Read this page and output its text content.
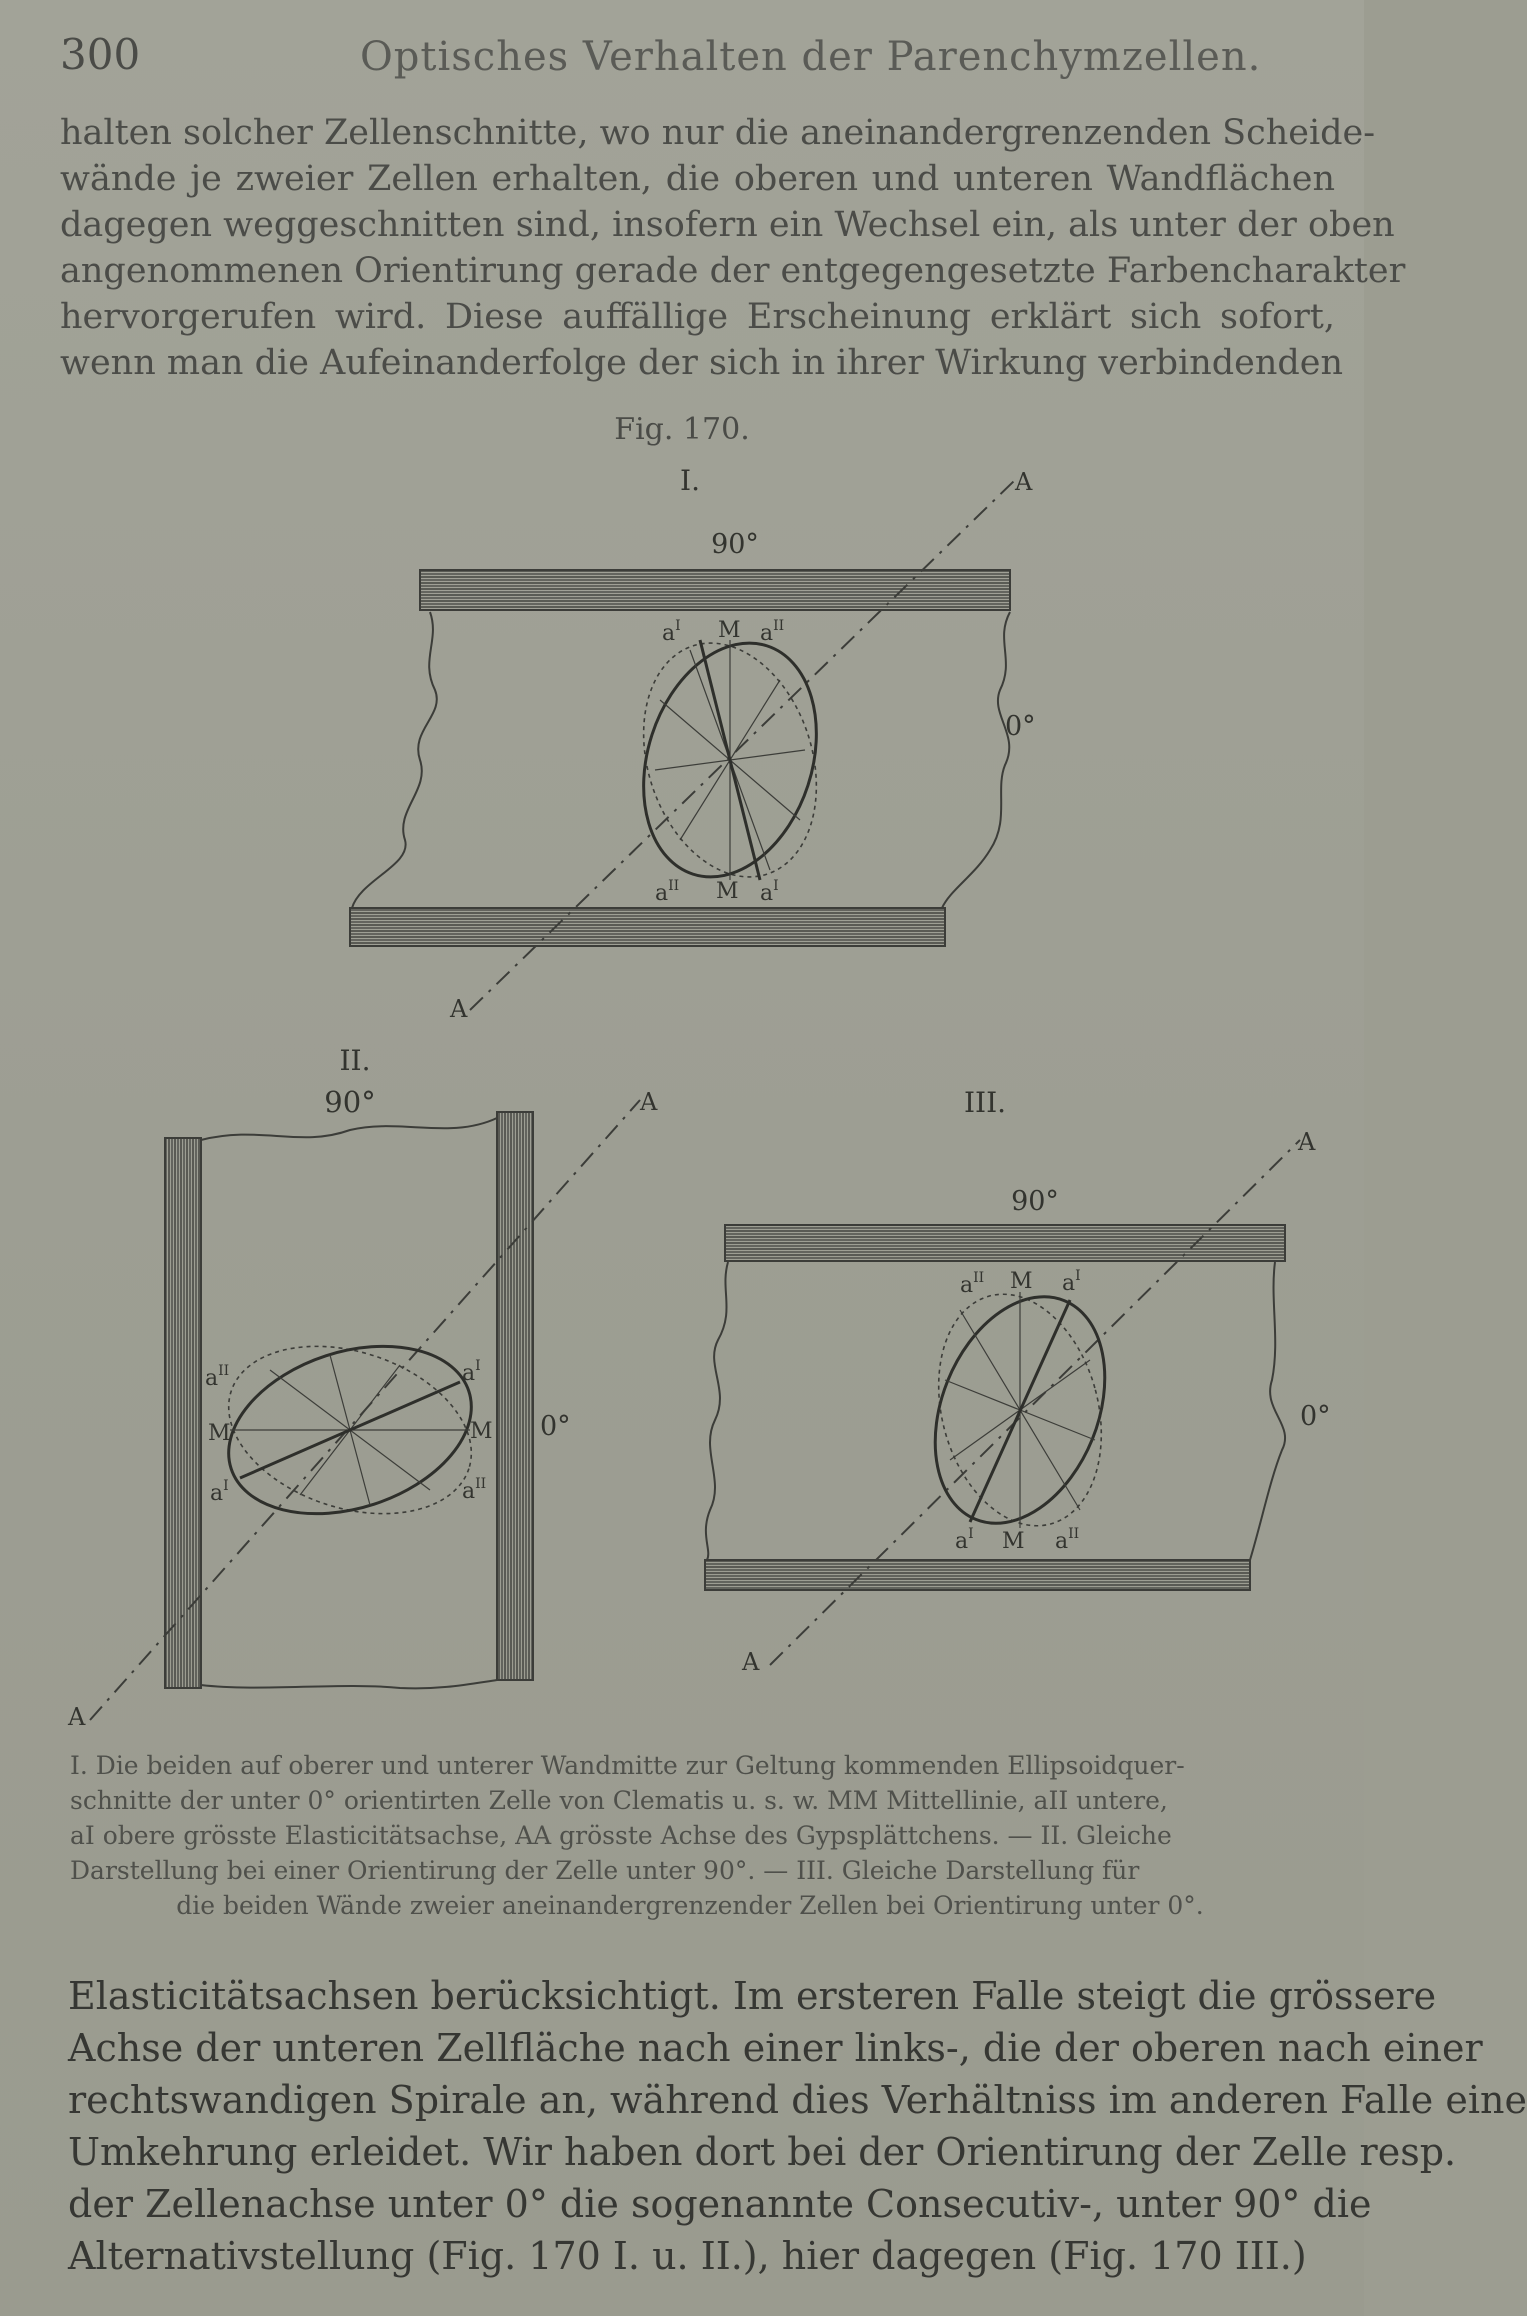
300	Optisches Verhalten der Parenchymzellen.
halten solcher Zellenschnitte, wo nur die aneinandergrenzenden Scheide-
wände je zweier Zellen erhalten, die oberen und unteren Wandflächen
dagegen weggeschnitten sind, insofern ein Wechsel ein, als unter der oben
angenommenen Orientirung gerade der entgegengesetzte Farbencharakter
hervorgerufen wird. Diese auffällige Erscheinung erklärt sich sofort,
wenn man die Aufeinanderfolge der sich in ihrer Wirkung verbindenden
Fig. 170.
I.
90°
0°
A
A
$a^I$ M $a^{II}$
$a^{II}$ M $a^I$
II.
90°
0°
A
A
$a^{II}$
M
$a^I$
$a^I$
M
$a^{II}$
III.
90°
0°
A
A
$a^{II}$ M $a^I$
$a^I$ M $a^{II}$
I. Die beiden auf oberer und unterer Wandmitte zur Geltung kommenden Ellipsoidquer-
schnitte der unter 0° orientirten Zelle von Clematis u. s. w. MM Mittellinie, aII untere,
aI obere grösste Elasticitätsachse, AA grösste Achse des Gypsplättchens. — II. Gleiche
Darstellung bei einer Orientirung der Zelle unter 90°. — III. Gleiche Darstellung für
die beiden Wände zweier aneinandergrenzender Zellen bei Orientirung unter 0°.
Elasticitätsachsen berücksichtigt. Im ersteren Falle steigt die grössere
Achse der unteren Zellfläche nach einer links-, die der oberen nach einer
rechtswandigen Spirale an, während dies Verhältniss im anderen Falle eine
Umkehrung erleidet. Wir haben dort bei der Orientirung der Zelle resp.
der Zellenachse unter 0° die sogenannte Consecutiv-, unter 90° die
Alternativstellung (Fig. 170 I. u. II.), hier dagegen (Fig. 170 III.)
